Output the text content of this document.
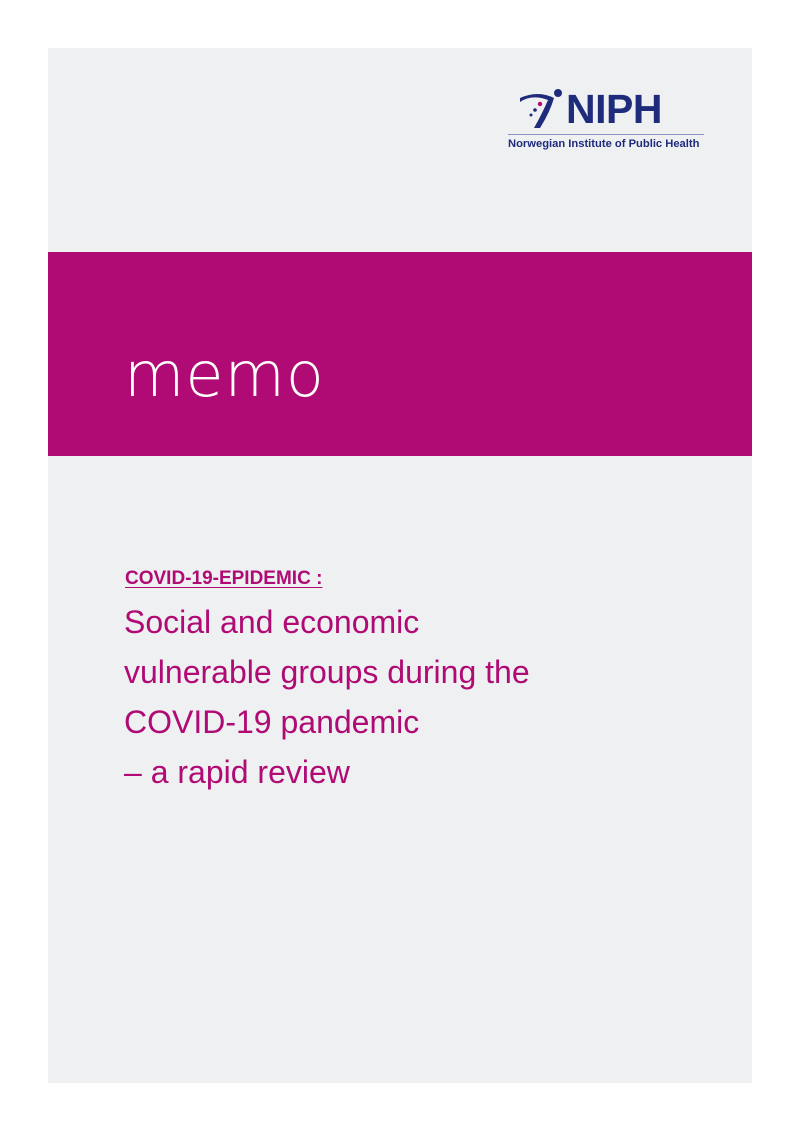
NIPH
Norwegian Institute of Public Health
memo
COVID-19-EPIDEMIC :
Social and economic
vulnerable groups during the
COVID-19 pandemic
– a rapid review
